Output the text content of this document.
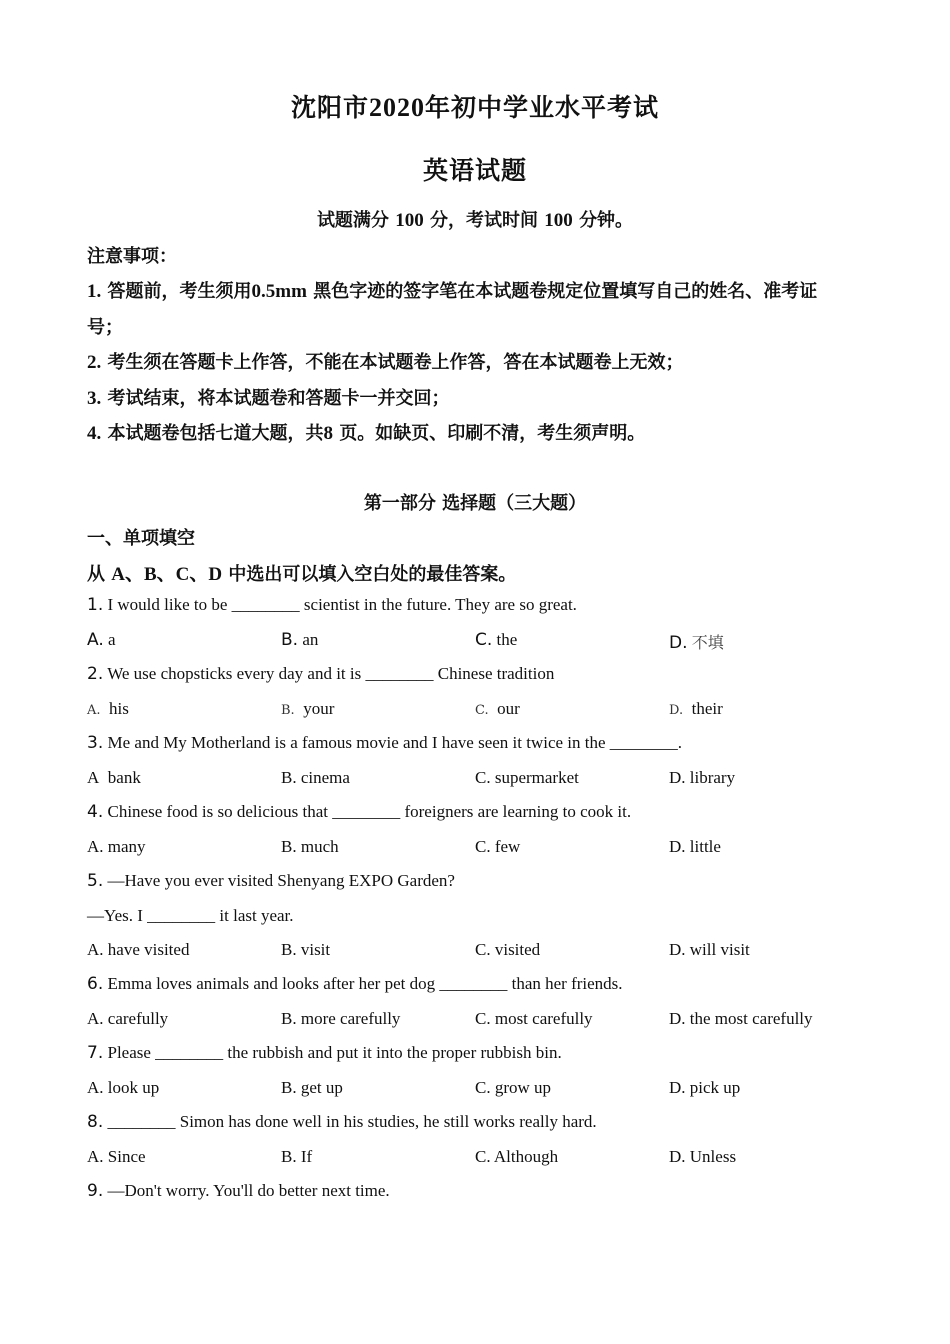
沈阳市2020年初中学业水平考试
英语试题
试题满分 100 分，考试时间 100 分钟。
注意事项：
1. 答题前，考生须用0.5mm 黑色字迹的签字笔在本试题卷规定位置填写自己的姓名、准考证
号；
2. 考生须在答题卡上作答，不能在本试题卷上作答，答在本试题卷上无效；
3. 考试结束，将本试题卷和答题卡一并交回；
4. 本试题卷包括七道大题，共8 页。如缺页、印刷不清，考生须声明。
第一部分 选择题（三大题）
一、单项填空
从 A、B、C、D 中选出可以填入空白处的最佳答案。
1. I would like to be ________ scientist in the future. They are so great.
A. a	B. an	C. the	D. 不填
2. We use chopsticks every day and it is ________ Chinese tradition
A. his	B. your	C. our	D. their
3. Me and My Motherland is a famous movie and I have seen it twice in the ________.
A bank	B. cinema	C. supermarket	D. library
4. Chinese food is so delicious that ________ foreigners are learning to cook it.
A. many	B. much	C. few	D. little
5. —Have you ever visited Shenyang EXPO Garden?
—Yes. I ________ it last year.
A. have visited	B. visit	C. visited	D. will visit
6. Emma loves animals and looks after her pet dog ________ than her friends.
A. carefully	B. more carefully	C. most carefully	D. the most carefully
7. Please ________ the rubbish and put it into the proper rubbish bin.
A. look up	B. get up	C. grow up	D. pick up
8. ________ Simon has done well in his studies, he still works really hard.
A. Since	B. If	C. Although	D. Unless
9. —Don't worry. You'll do better next time.
